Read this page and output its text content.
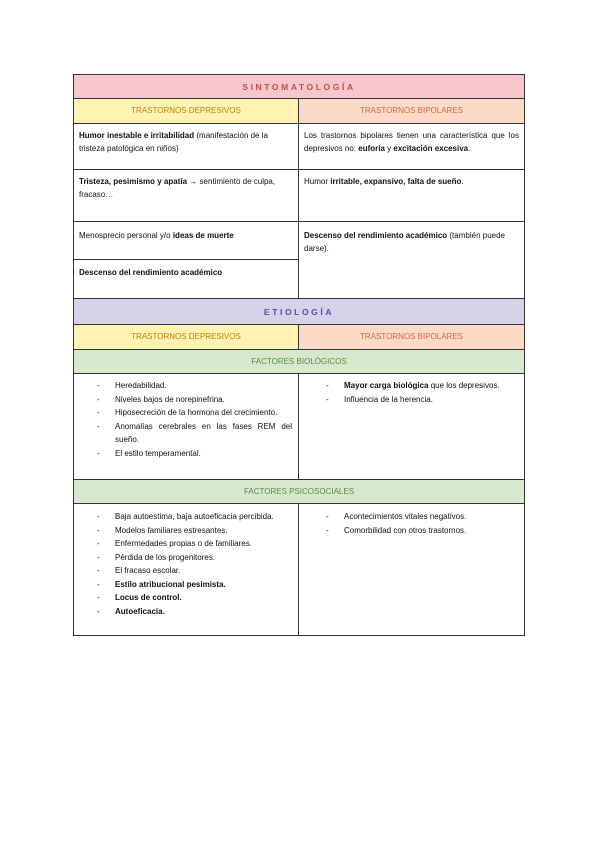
SINTOMATOLOGÍA
TRASTORNOS DEPRESIVOS	TRASTORNOS BIPOLARES
Humor inestable e irritabilidad (manifestación de la tristeza patológica en niños)
Los trastornos bipolares tienen una característica que los depresivos no: euforia y excitación excesiva.
Tristeza, pesimismo y apatía → sentimiento de culpa, fracaso…
Humor irritable, expansivo, falta de sueño.
Menosprecio personal y/o ideas de muerte
Descenso del rendimiento académico
Descenso del rendimiento académico (también puede darse).
ETIOLOGÍA
TRASTORNOS DEPRESIVOS	TRASTORNOS BIPOLARES
FACTORES BIOLÓGICOS
- Heredabilidad.
- Niveles bajos de norepinefrina.
- Hiposecreción de la hormona del crecimiento.
- Anomalías cerebrales en las fases REM del sueño.
- El estilo temperamental.
- Mayor carga biológica que los depresivos.
- Influencia de la herencia.
FACTORES PSICOSOCIALES
- Baja autoestima, baja autoeficacia percibida.
- Modelos familiares estresantes.
- Enfermedades propias o de familiares.
- Pérdida de los progenitores.
- El fracaso escolar.
- Estilo atribucional pesimista.
- Locus de control.
- Autoeficacia.
- Acontecimientos vitales negativos.
- Comorbilidad con otros trastornos.
